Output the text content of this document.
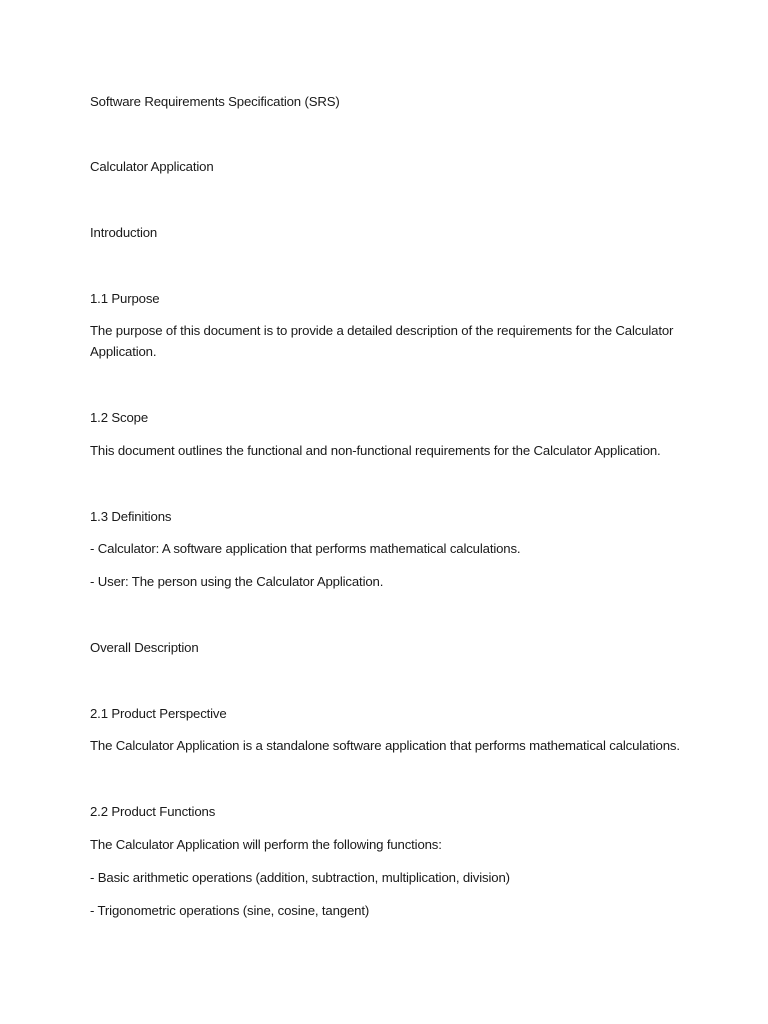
Software Requirements Specification (SRS)
Calculator Application
Introduction
1.1 Purpose
The purpose of this document is to provide a detailed description of the requirements for the Calculator Application.
1.2 Scope
This document outlines the functional and non-functional requirements for the Calculator Application.
1.3 Definitions
- Calculator: A software application that performs mathematical calculations.
- User: The person using the Calculator Application.
Overall Description
2.1 Product Perspective
The Calculator Application is a standalone software application that performs mathematical calculations.
2.2 Product Functions
The Calculator Application will perform the following functions:
- Basic arithmetic operations (addition, subtraction, multiplication, division)
- Trigonometric operations (sine, cosine, tangent)
